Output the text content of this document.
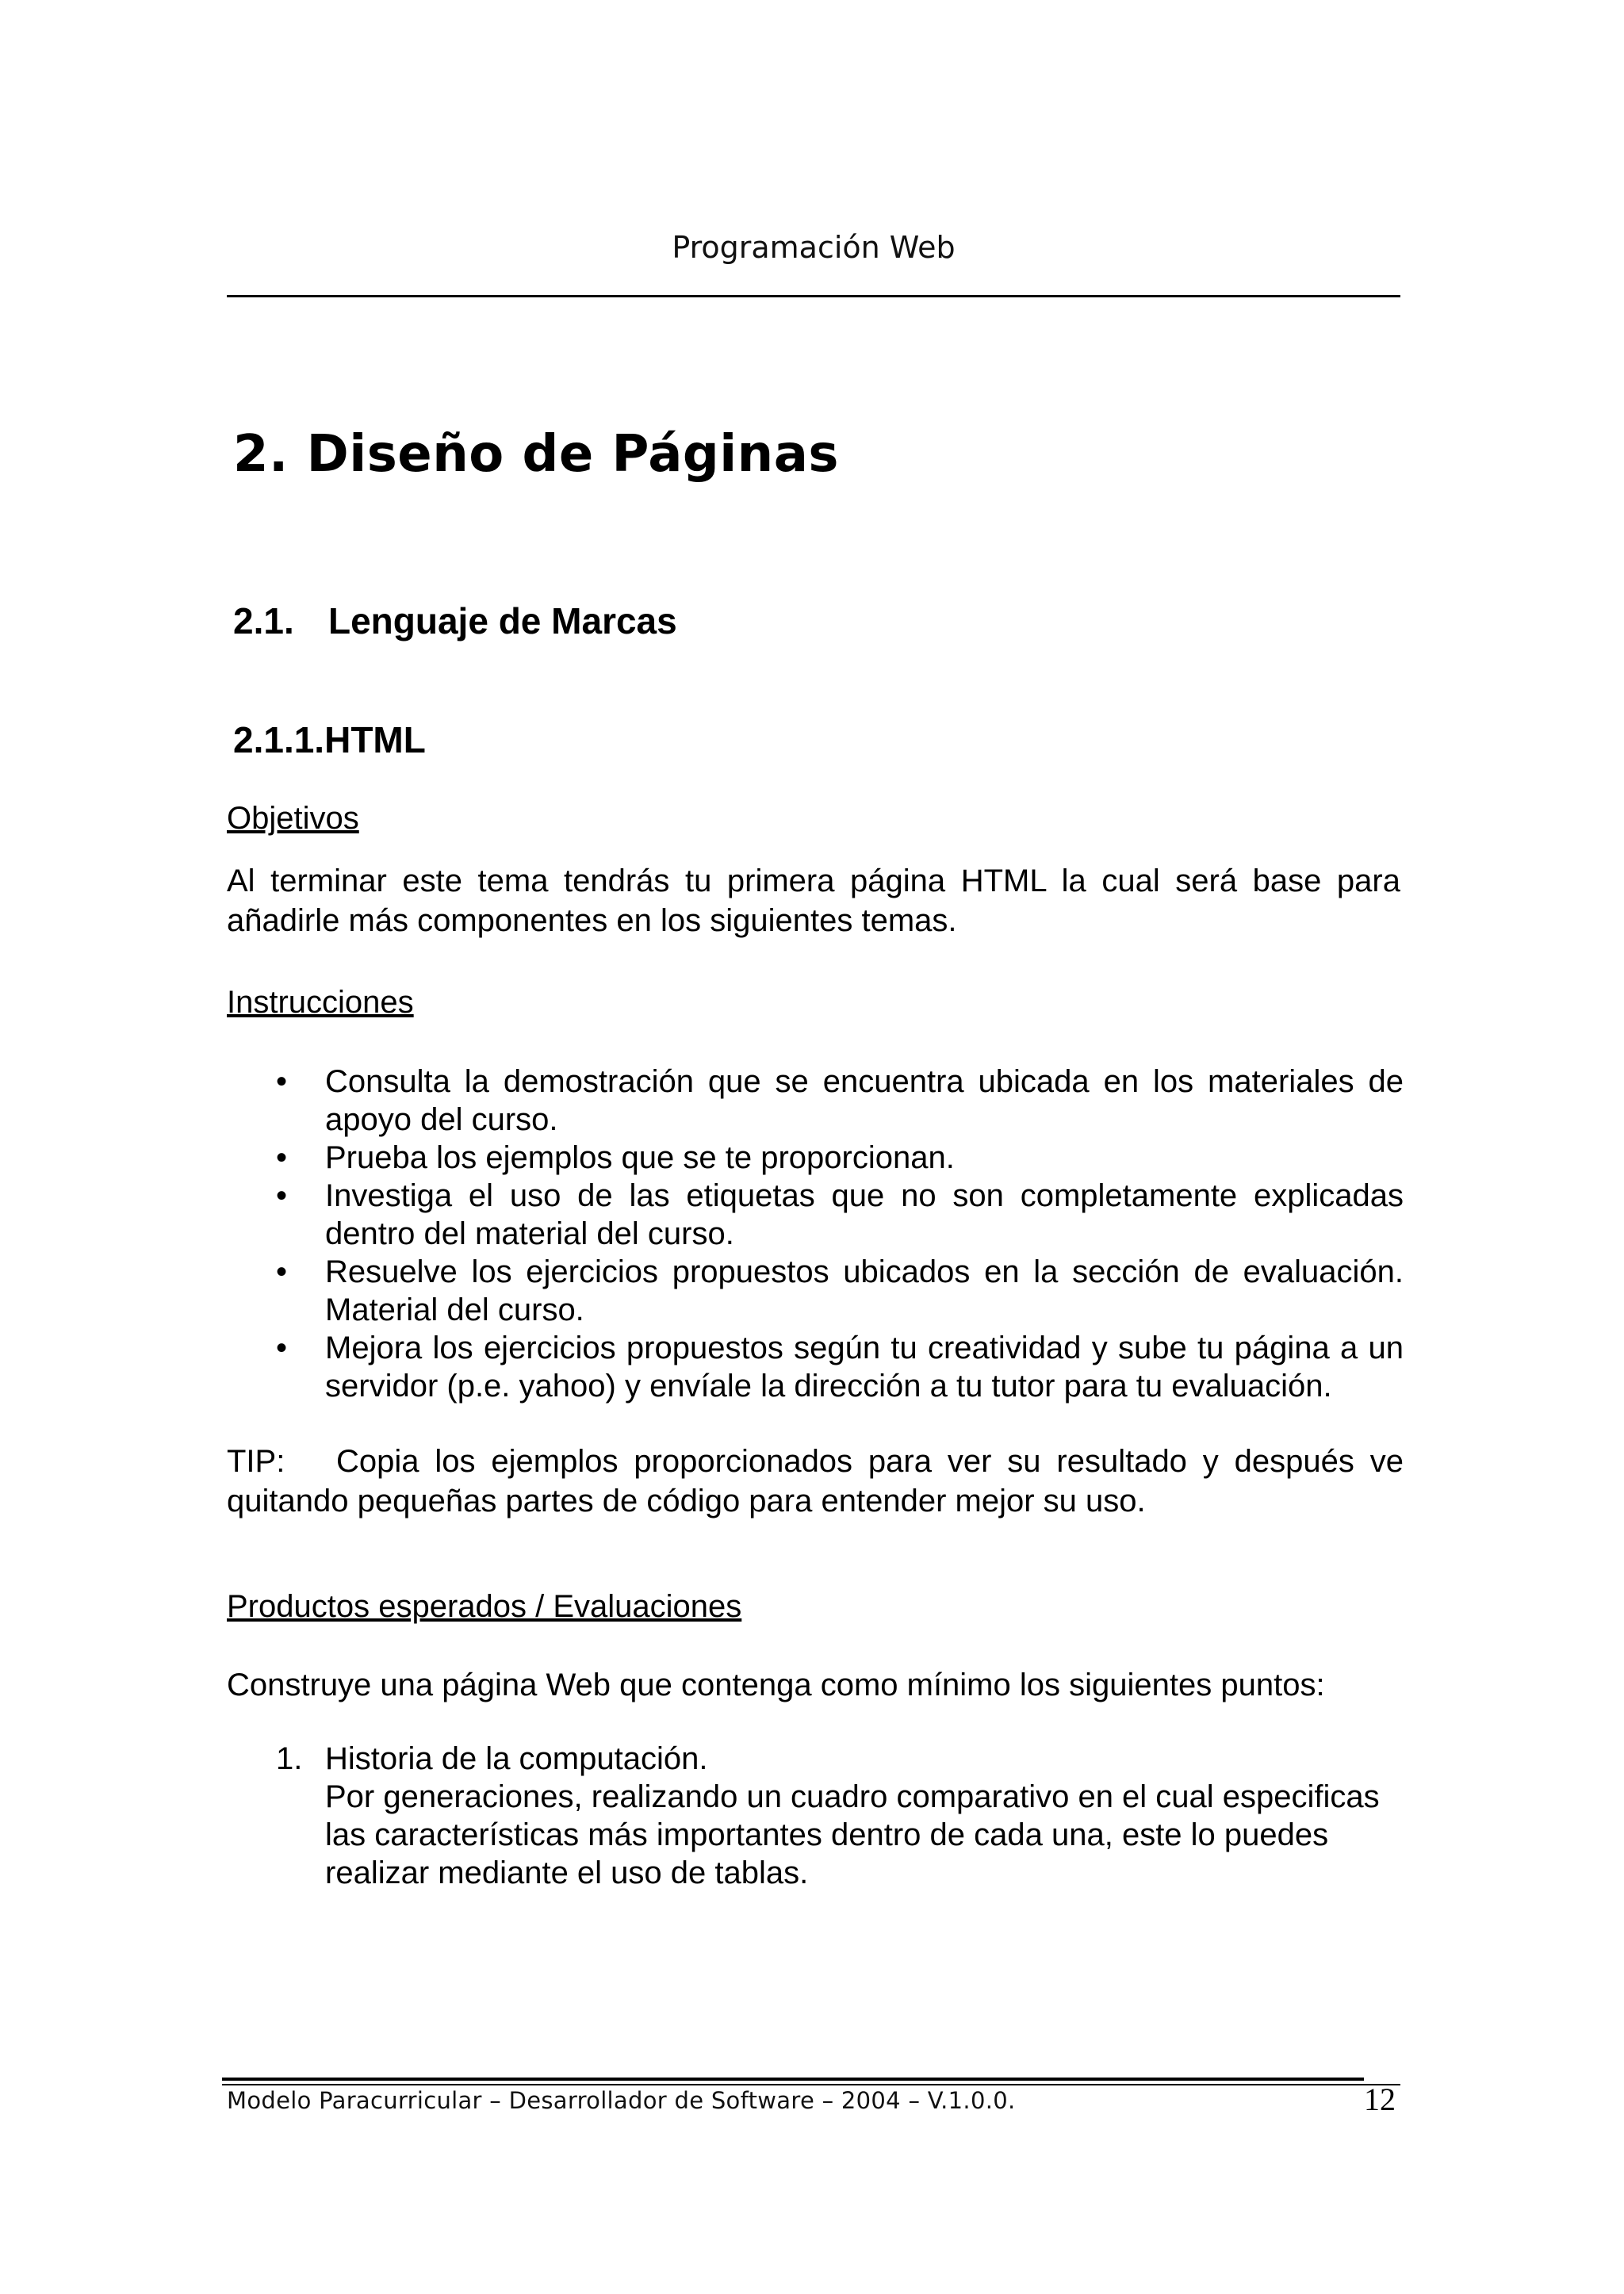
Programación Web
2. Diseño de Páginas
2.1. Lenguaje de Marcas
2.1.1.HTML
Objetivos

Al terminar este tema tendrás tu primera página HTML la cual será base para añadirle más componentes en los siguientes temas.

Instrucciones
• Consulta la demostración que se encuentra ubicada en los materiales de apoyo del curso.
• Prueba los ejemplos que se te proporcionan.
• Investiga el uso de las etiquetas que no son completamente explicadas dentro del material del curso.
• Resuelve los ejercicios propuestos ubicados en la sección de evaluación. Material del curso.
• Mejora los ejercicios propuestos según tu creatividad y sube tu página a un servidor (p.e. yahoo) y envíale la dirección a tu tutor para tu evaluación.

TIP: Copia los ejemplos proporcionados para ver su resultado y después ve quitando pequeñas partes de código para entender mejor su uso.

Productos esperados / Evaluaciones

Construye una página Web que contenga como mínimo los siguientes puntos:

1. Historia de la computación.
Por generaciones, realizando un cuadro comparativo en el cual especificas las características más importantes dentro de cada una, este lo puedes realizar mediante el uso de tablas.
Modelo Paracurricular – Desarrollador de Software – 2004 – V.1.0.0.	12
